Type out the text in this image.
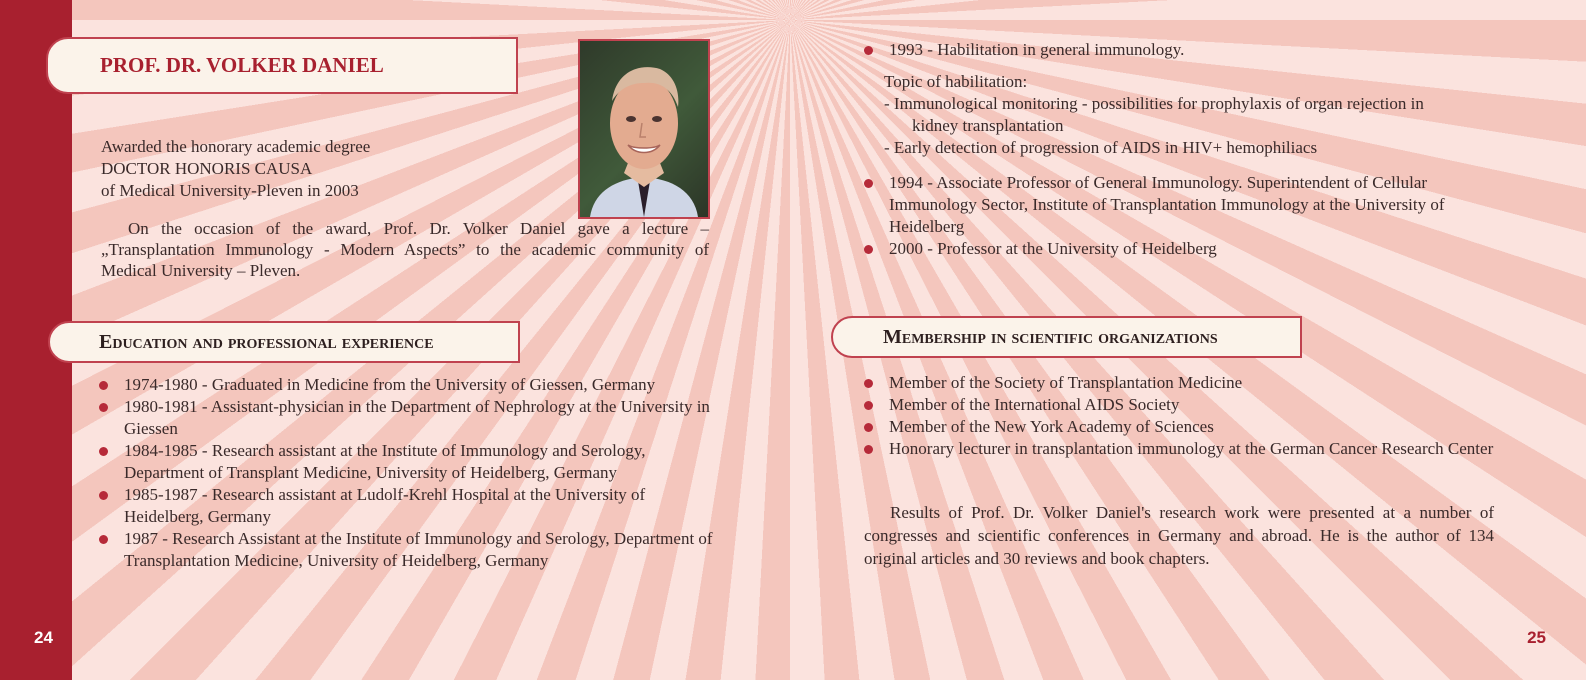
24	25
PROF. DR. VOLKER DANIEL
Awarded the honorary academic degree
DOCTOR HONORIS CAUSA
of Medical University-Pleven in 2003
On the occasion of the award, Prof. Dr. Volker Daniel gave a lecture – „Transplantation Immunology - Modern Aspects” to the academic community of Medical University – Pleven.
Education and professional experience
1974-1980 - Graduated in Medicine from the University of Giessen, Germany
1980-1981 - Assistant-physician in the Department of Nephrology at the University in Giessen
1984-1985 - Research assistant at the Institute of Immunology and Serology, Department of Transplant Medicine, University of Heidelberg, Germany
1985-1987 - Research assistant at Ludolf-Krehl Hospital at the University of Heidelberg, Germany
1987 - Research Assistant at the Institute of Immunology and Serology, Department of Transplantation Medicine, University of Heidelberg, Germany
1993 - Habilitation in general immunology.
Topic of habilitation:
- Immunological monitoring - possibilities for prophylaxis of organ rejection in
kidney transplantation
- Early detection of progression of AIDS in HIV+ hemophiliacs
1994 - Associate Professor of General Immunology. Superintendent of Cellular Immunology Sector, Institute of Transplantation Immunology at the University of Heidelberg
2000 - Professor at the University of Heidelberg
Membership in scientific organizations
Member of the Society of Transplantation Medicine
Member of the International AIDS Society
Member of the New York Academy of Sciences
Honorary lecturer in transplantation immunology at the German Cancer Research Center
Results of Prof. Dr. Volker Daniel's research work were presented at a number of congresses and scientific conferences in Germany and abroad. He is the author of 134 original articles and 30 reviews and book chapters.
